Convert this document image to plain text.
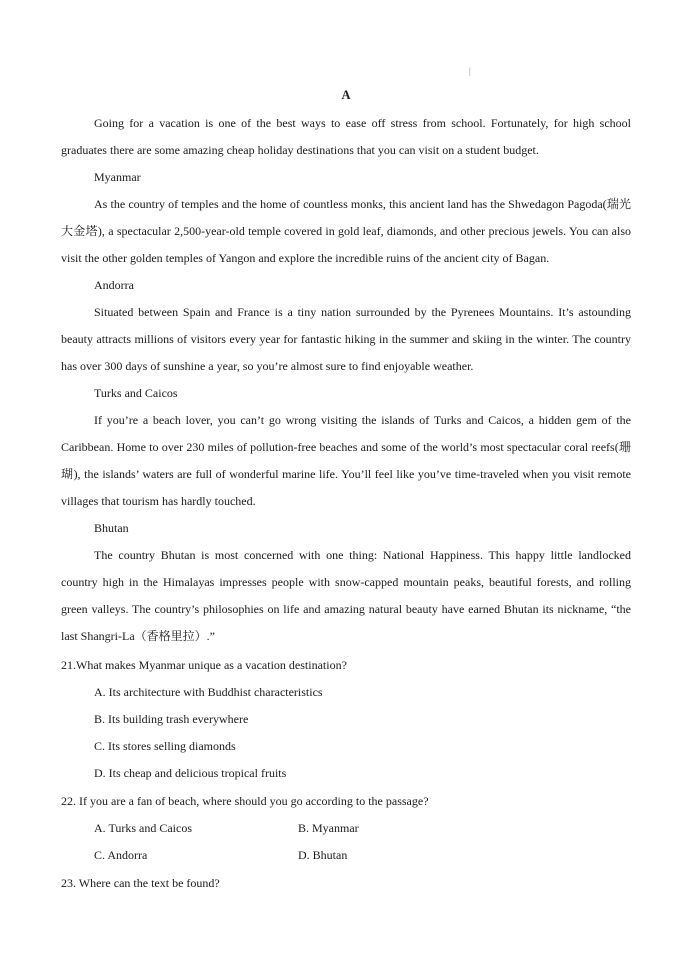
|
A

Going for a vacation is one of the best ways to ease off stress from school. Fortunately, for high school graduates there are some amazing cheap holiday destinations that you can visit on a student budget.

Myanmar

As the country of temples and the home of countless monks, this ancient land has the Shwedagon Pagoda(瑞光大金塔), a spectacular 2,500-year-old temple covered in gold leaf, diamonds, and other precious jewels. You can also visit the other golden temples of Yangon and explore the incredible ruins of the ancient city of Bagan.

Andorra

Situated between Spain and France is a tiny nation surrounded by the Pyrenees Mountains. It’s astounding beauty attracts millions of visitors every year for fantastic hiking in the summer and skiing in the winter. The country has over 300 days of sunshine a year, so you’re almost sure to find enjoyable weather.

Turks and Caicos

If you’re a beach lover, you can’t go wrong visiting the islands of Turks and Caicos, a hidden gem of the Caribbean. Home to over 230 miles of pollution-free beaches and some of the world’s most spectacular coral reefs(珊瑚), the islands’ waters are full of wonderful marine life. You’ll feel like you’ve time-traveled when you visit remote villages that tourism has hardly touched.

Bhutan

The country Bhutan is most concerned with one thing: National Happiness. This happy little landlocked country high in the Himalayas impresses people with snow-capped mountain peaks, beautiful forests, and rolling green valleys. The country’s philosophies on life and amazing natural beauty have earned Bhutan its nickname, “the last Shangri-La（香格里拉）.”

21.What makes Myanmar unique as a vacation destination?

A. Its architecture with Buddhist characteristics

B. Its building trash everywhere

C. Its stores selling diamonds

D. Its cheap and delicious tropical fruits

22. If you are a fan of beach, where should you go according to the passage?

A. Turks and Caicos	B. Myanmar

C. Andorra	D. Bhutan

23. Where can the text be found?
